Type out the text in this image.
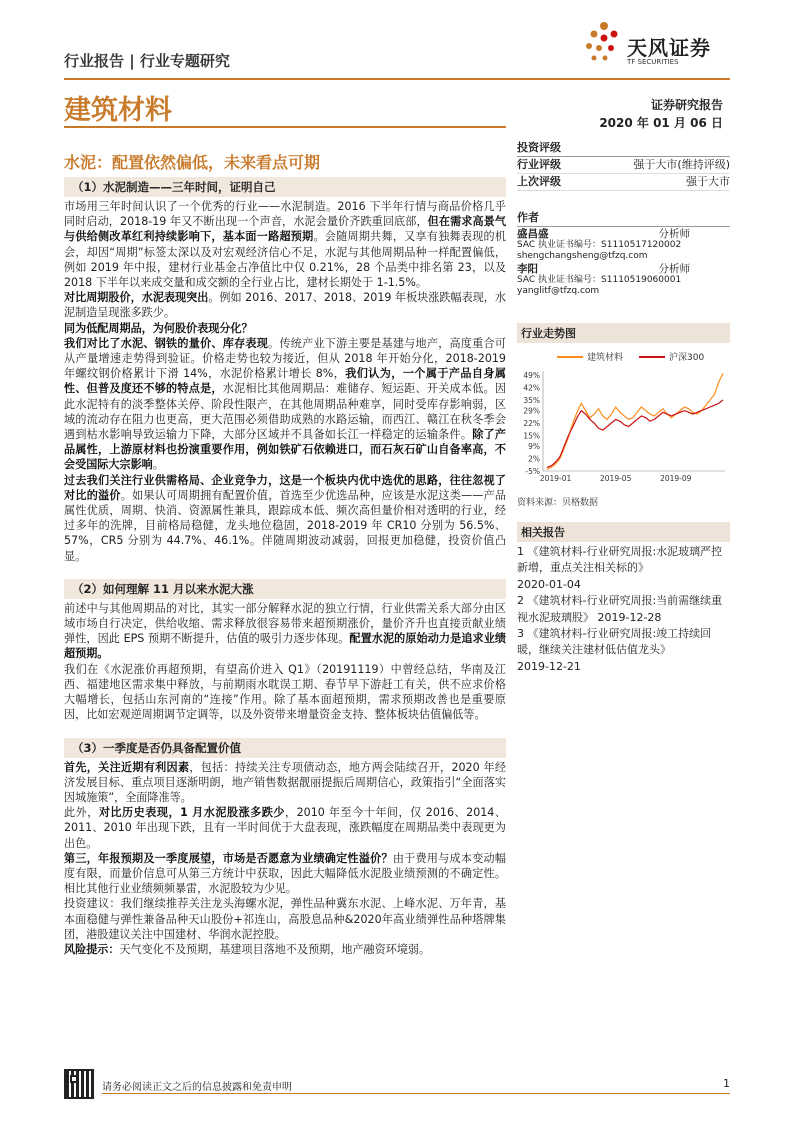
行业报告 | 行业专题研究
天风证券
TF SECURITIES
建筑材料	证券研究报告
2020 年 01 月 06 日
水泥：配置依然偏低，未来看点可期
（1）水泥制造——三年时间，证明自己

市场用三年时间认识了一个优秀的行业——水泥制造。2016 下半年行情与商品价格几乎同时启动，2018-19 年又不断出现一个声音，水泥会量价齐跌重回底部，但在需求高景气与供给侧改革红利持续影响下，基本面一路超预期。会随周期共舞，又享有独舞表现的机会，却因“周期”标签太深以及对宏观经济信心不足，水泥与其他周期品种一样配置偏低，例如 2019 年中报，建材行业基金占净值比中仅 0.21%，28 个品类中排名第 23，以及 2018 下半年以来成交量和成交额的全行业占比，建材长期处于 1-1.5%。

对比周期股价，水泥表现突出。例如 2016、2017、2018、2019 年板块涨跌幅表现，水泥制造呈现涨多跌少。

同为低配周期品，为何股价表现分化？

我们对比了水泥、钢铁的量价、库存表现。传统产业下游主要是基建与地产，高度重合可从产量增速走势得到验证。价格走势也较为接近，但从 2018 年开始分化，2018-2019 年螺纹钢价格累计下滑 14%，水泥价格累计增长 8%，我们认为，一个属于产品自身属性、但普及度还不够的特点是，水泥相比其他周期品：难储存、短运距、开关成本低。因此水泥特有的淡季整体关停、阶段性限产，在其他周期品种难享，同时受库存影响弱，区域的流动存在阻力也更高，更大范围必须借助成熟的水路运输，而西江、赣江在秋冬季会遇到枯水影响导致运输力下降，大部分区域并不具备如长江一样稳定的运输条件。除了产品属性，上游原材料也扮演重要作用，例如铁矿石依赖进口，而石灰石矿山自备率高，不会受国际大宗影响。

过去我们关注行业供需格局、企业竞争力，这是一个板块内优中选优的思路，往往忽视了对比的溢价。如果认可周期拥有配置价值，首选至少优选品种，应该是水泥这类——产品属性优质，周期、快消、资源属性兼具，跟踪成本低、频次高但量价相对透明的行业，经过多年的洗牌，目前格局稳健，龙头地位稳固，2018-2019 年 CR10 分别为 56.5%、57%，CR5 分别为 44.7%、46.1%。伴随周期波动减弱，回报更加稳健，投资价值凸显。

（2）如何理解 11 月以来水泥大涨

前述中与其他周期品的对比，其实一部分解释水泥的独立行情，行业供需关系大部分由区域市场自行决定，供给收缩、需求释放很容易带来超预期涨价，量价齐升也直接贡献业绩弹性，因此 EPS 预期不断提升，估值的吸引力逐步体现。配置水泥的原始动力是追求业绩超预期。

我们在《水泥涨价再超预期，有望高价进入 Q1》（20191119）中曾经总结，华南及江西、福建地区需求集中释放，与前期雨水耽误工期、春节早下游赶工有关，供不应求价格大幅增长，包括山东河南的“连接”作用。除了基本面超预期，需求预期改善也是重要原因，比如宏观逆周期调节定调等，以及外资带来增量资金支持、整体板块估值偏低等。

（3）一季度是否仍具备配置价值

首先，关注近期有利因素，包括：持续关注专项债动态，地方两会陆续召开，2020 年经济发展目标、重点项目逐渐明朗，地产销售数据靓丽提振后周期信心，政策指引“全面落实因城施策”，全面降准等。

此外，对比历史表现，1 月水泥股涨多跌少，2010 年至今十年间，仅 2016、2014、2011、2010 年出现下跌，且有一半时间优于大盘表现，涨跌幅度在周期品类中表现更为出色。

第三，年报预期及一季度展望，市场是否愿意为业绩确定性溢价？由于费用与成本变动幅度有限，而量价信息可从第三方统计中获取，因此大幅降低水泥股业绩预测的不确定性。相比其他行业业绩频频暴雷，水泥股较为少见。

投资建议：我们继续推荐关注龙头海螺水泥，弹性品种冀东水泥、上峰水泥、万年青，基本面稳健与弹性兼备品种天山股份+祁连山，高股息品种&2020年高业绩弹性品种塔牌集团，港股建议关注中国建材、华润水泥控股。

风险提示：天气变化不及预期，基建项目落地不及预期，地产融资环境弱。

投资评级
行业评级	强于大市(维持评级)
上次评级	强于大市
作者
盛昌盛	分析师
SAC 执业证书编号：S1110517120002
shengchangsheng@tfzq.com
李阳	分析师
SAC 执业证书编号：S1110519060001
yanglitf@tfzq.com
行业走势图
建筑材料	沪深300
-5%
2%
9%
15%
22%
29%
35%
42%
49%
2019-01	2019-05	2019-09
资料来源：贝格数据
相关报告
1 《建筑材料-行业研究周报:水泥玻璃严控新增，重点关注相关标的》
2020-01-04
2 《建筑材料-行业研究周报:当前需继续重视水泥玻璃股》 2019-12-28
3 《建筑材料-行业研究周报:竣工持续回暖，继续关注建材低估值龙头》
2019-12-21
请务必阅读正文之后的信息披露和免责申明	1
